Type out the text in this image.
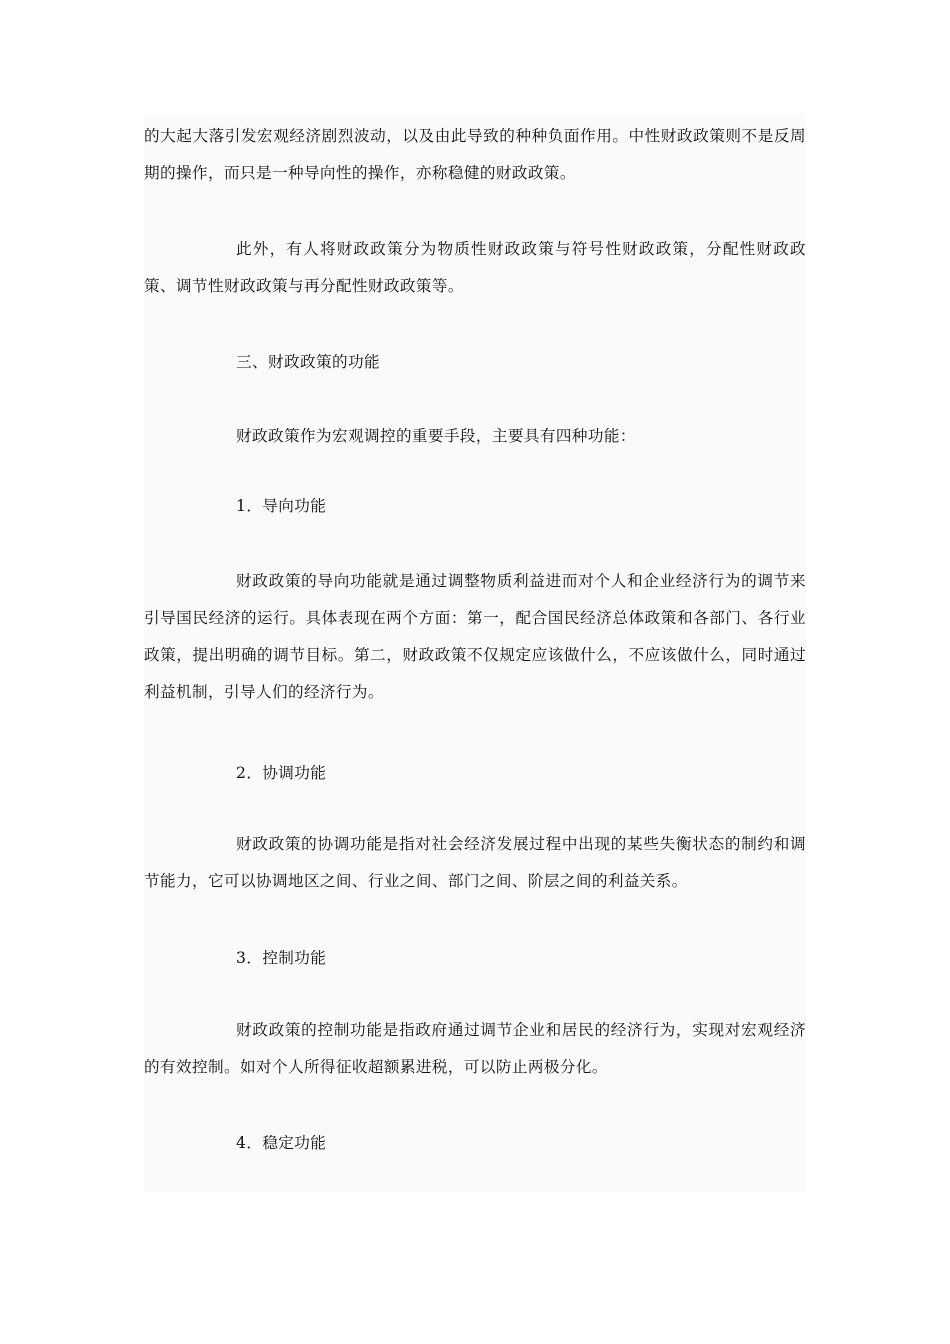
的大起大落引发宏观经济剧烈波动，以及由此导致的种种负面作用。中性财政政策则不是反周期的操作，而只是一种导向性的操作，亦称稳健的财政政策。

此外，有人将财政政策分为物质性财政政策与符号性财政政策，分配性财政政策、调节性财政政策与再分配性财政政策等。

三、财政政策的功能

财政政策作为宏观调控的重要手段，主要具有四种功能：

1．导向功能

财政政策的导向功能就是通过调整物质利益进而对个人和企业经济行为的调节来引导国民经济的运行。具体表现在两个方面：第一，配合国民经济总体政策和各部门、各行业政策，提出明确的调节目标。第二，财政政策不仅规定应该做什么，不应该做什么，同时通过利益机制，引导人们的经济行为。

2．协调功能

财政政策的协调功能是指对社会经济发展过程中出现的某些失衡状态的制约和调节能力，它可以协调地区之间、行业之间、部门之间、阶层之间的利益关系。

3．控制功能

财政政策的控制功能是指政府通过调节企业和居民的经济行为，实现对宏观经济的有效控制。如对个人所得征收超额累进税，可以防止两极分化。

4．稳定功能
